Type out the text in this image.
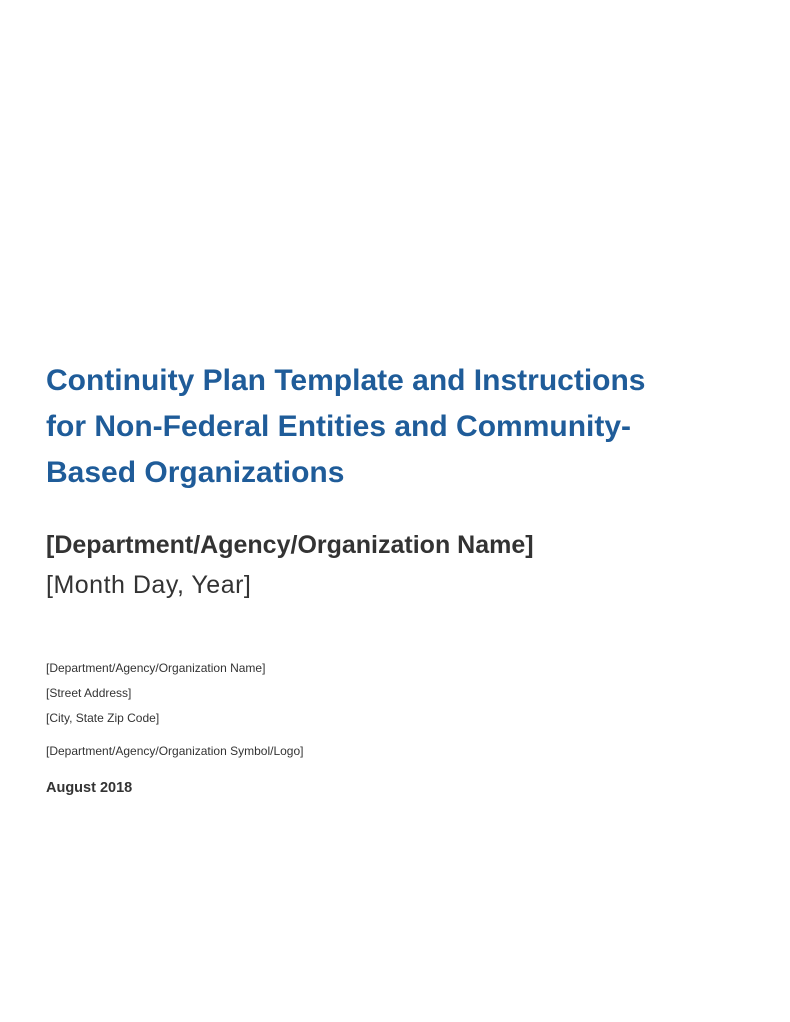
Continuity Plan Template and Instructions
for Non-Federal Entities and Community-
Based Organizations
[Department/Agency/Organization Name]
[Month Day, Year]

[Department/Agency/Organization Name]

[Street Address]

[City, State Zip Code]

[Department/Agency/Organization Symbol/Logo]

August 2018
